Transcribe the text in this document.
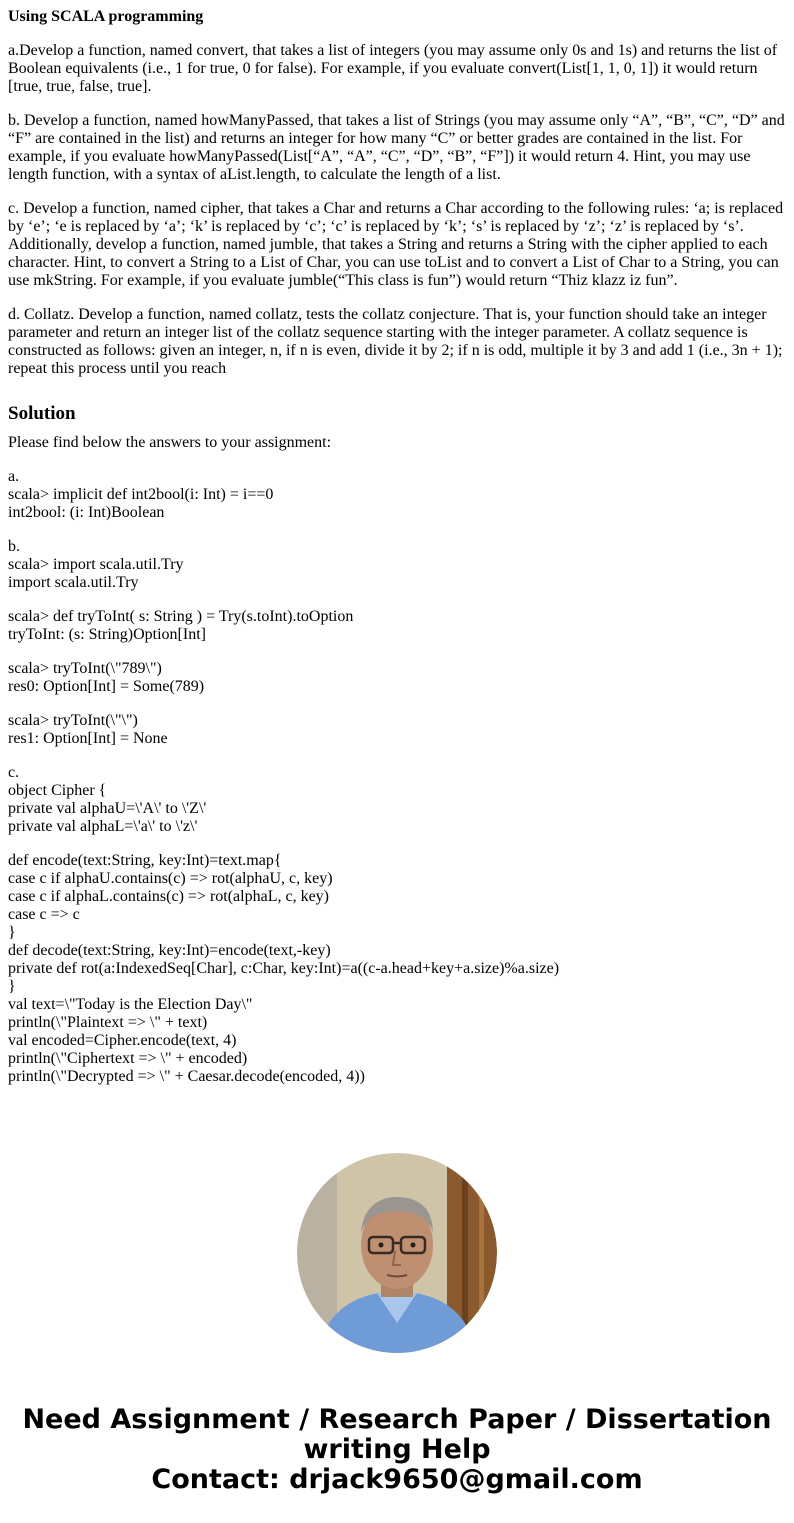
Using SCALA programming

a.Develop a function, named convert, that takes a list of integers (you may assume only 0s and 1s) and returns the list of Boolean equivalents (i.e., 1 for true, 0 for false). For example, if you evaluate convert(List[1, 1, 0, 1]) it would return [true, true, false, true].

b. Develop a function, named howManyPassed, that takes a list of Strings (you may assume only “A”, “B”, “C”, “D” and “F” are contained in the list) and returns an integer for how many “C” or better grades are contained in the list. For example, if you evaluate howManyPassed(List[“A”, “A”, “C”, “D”, “B”, “F”]) it would return 4. Hint, you may use length function, with a syntax of aList.length, to calculate the length of a list.

c. Develop a function, named cipher, that takes a Char and returns a Char according to the following rules: ‘a; is replaced by ‘e’; ‘e is replaced by ‘a’; ‘k’ is replaced by ‘c’; ‘c’ is replaced by ‘k’; ‘s’ is replaced by ‘z’; ‘z’ is replaced by ‘s’. Additionally, develop a function, named jumble, that takes a String and returns a String with the cipher applied to each character. Hint, to convert a String to a List of Char, you can use toList and to convert a List of Char to a String, you can use mkString. For example, if you evaluate jumble(“This class is fun”) would return “Thiz klazz iz fun”.

d. Collatz. Develop a function, named collatz, tests the collatz conjecture. That is, your function should take an integer parameter and return an integer list of the collatz sequence starting with the integer parameter. A collatz sequence is constructed as follows: given an integer, n, if n is even, divide it by 2; if n is odd, multiple it by 3 and add 1 (i.e., 3n + 1); repeat this process until you reach

Solution
Please find below the answers to your assignment:
a.
scala> implicit def int2bool(i: Int) = i==0
int2bool: (i: Int)Boolean
b.
scala> import scala.util.Try
import scala.util.Try
scala> def tryToInt( s: String ) = Try(s.toInt).toOption
tryToInt: (s: String)Option[Int]
scala> tryToInt(\"789\")
res0: Option[Int] = Some(789)
scala> tryToInt(\"\")
res1: Option[Int] = None
c.
object Cipher {
private val alphaU=\'A\' to \'Z\'
private val alphaL=\'a\' to \'z\'
def encode(text:String, key:Int)=text.map{
case c if alphaU.contains(c) => rot(alphaU, c, key)
case c if alphaL.contains(c) => rot(alphaL, c, key)
case c => c
}
def decode(text:String, key:Int)=encode(text,-key)
private def rot(a:IndexedSeq[Char], c:Char, key:Int)=a((c-a.head+key+a.size)%a.size)
}
val text=\"Today is the Election Day\"
println(\"Plaintext => \" + text)
val encoded=Cipher.encode(text, 4)
println(\"Ciphertext => \" + encoded)
println(\"Decrypted => \" + Caesar.decode(encoded, 4))
Need Assignment / Research Paper / Dissertation
writing Help
Contact: drjack9650@gmail.com
